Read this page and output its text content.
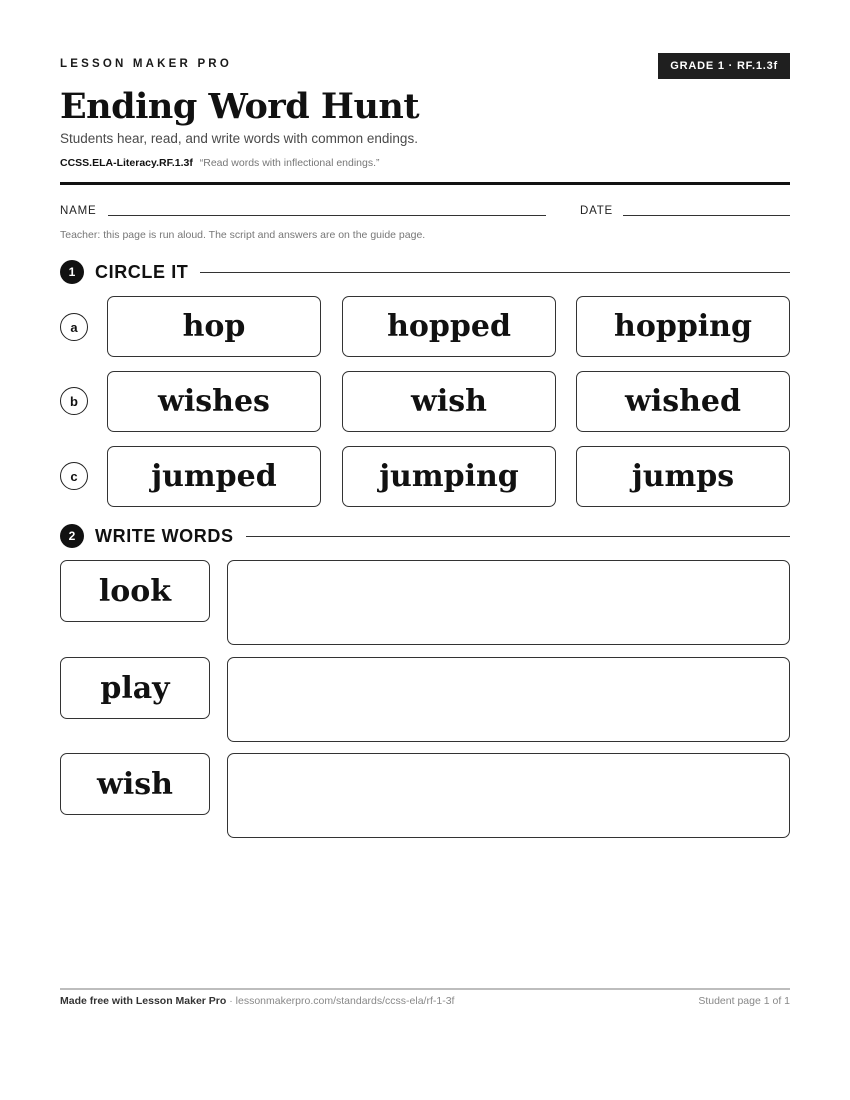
LESSON MAKER PRO	GRADE 1 · RF.1.3f
Ending Word Hunt
Students hear, read, and write words with common endings.
CCSS.ELA-Literacy.RF.1.3f “Read words with inflectional endings.”
NAME	DATE
Teacher: this page is run aloud. The script and answers are on the guide page.
1	CIRCLE IT
a	hop	hopped	hopping
b	wishes	wish	wished
c	jumped	jumping	jumps
2	WRITE WORDS
look
play
wish
Made free with Lesson Maker Pro · lessonmakerpro.com/standards/ccss-ela/rf-1-3f	Student page 1 of 1
